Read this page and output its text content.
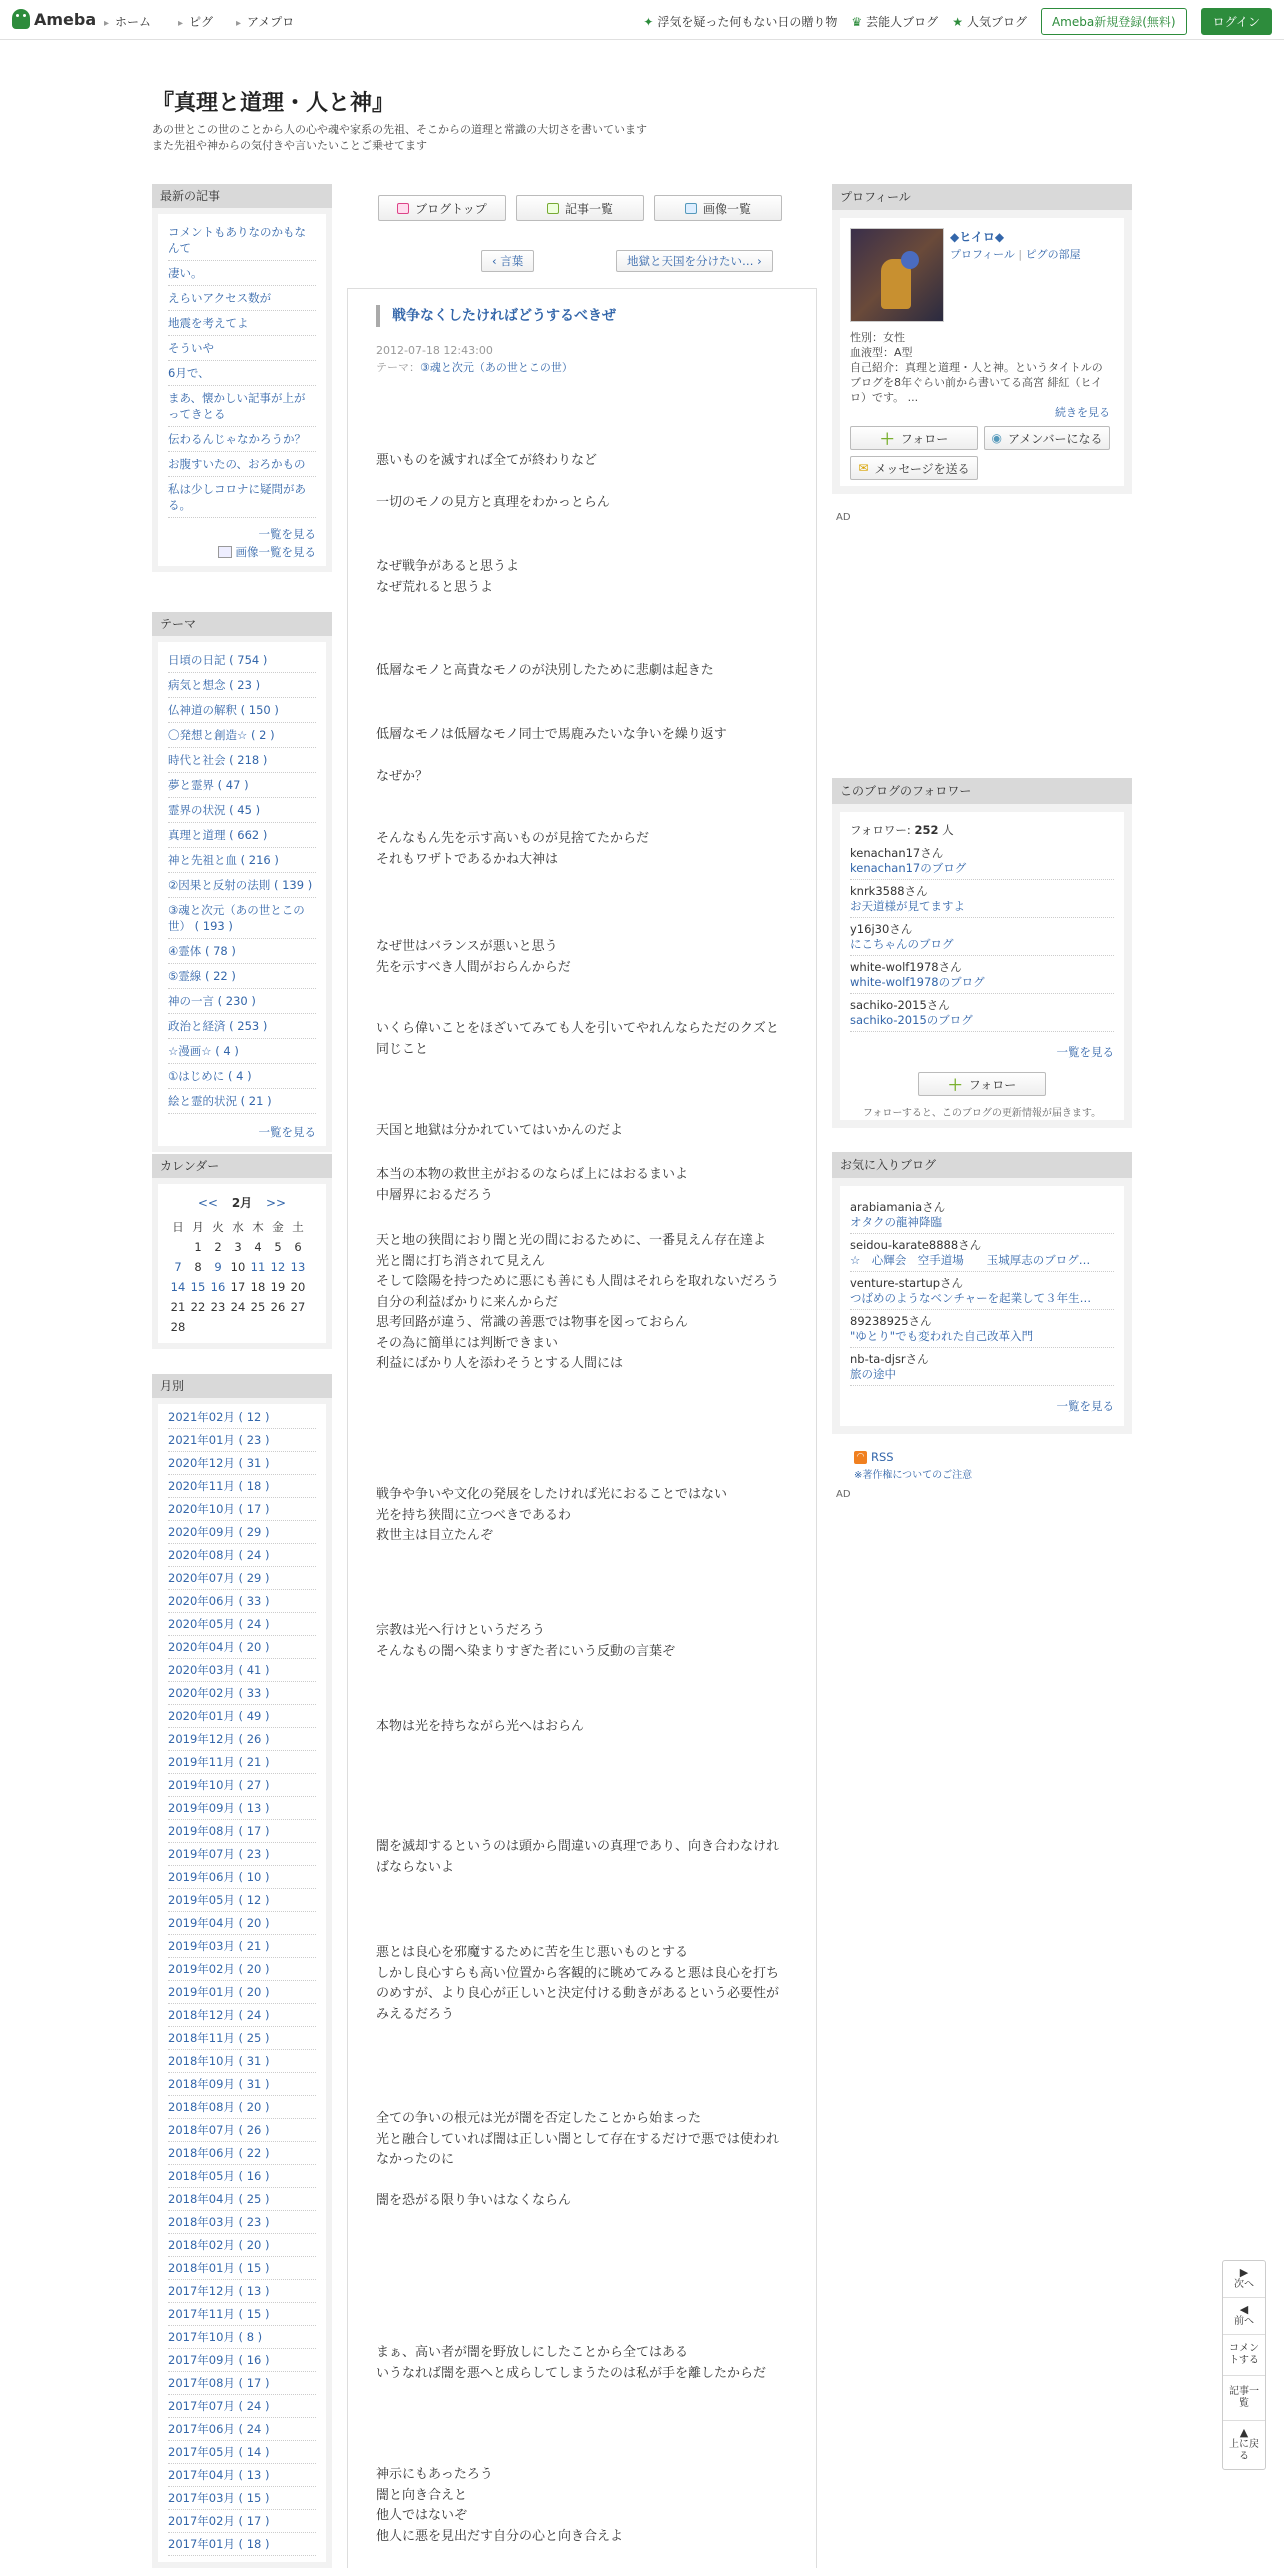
Ameba	▸ ホーム	▸ ピグ	▸ アメプロ	✦ 浮気を疑った何もない日の贈り物 ♛ 芸能人ブログ ★ 人気ブログ	Ameba新規登録(無料)	ログイン
『真理と道理・人と神』
あの世とこの世のことから人の心や魂や家系の先祖、そこからの道理と常識の大切さを書いています
また先祖や神からの気付きや言いたいことご乗せてます
最新の記事
コメントもありなのかもなんて
凄い。
えらいアクセス数が
地震を考えてよ
そういや
6月で、
まあ、懐かしい記事が上がってきとる
伝わるんじゃなかろうか？
お腹すいたの、おろかもの
私は少しコロナに疑問がある。
一覧を見る
画像一覧を見る
テーマ
日頃の日記 ( 754 )
病気と想念 ( 23 )
仏神道の解釈 ( 150 )
〇発想と創造☆ ( 2 )
時代と社会 ( 218 )
夢と霊界 ( 47 )
霊界の状況 ( 45 )
真理と道理 ( 662 )
神と先祖と血 ( 216 )
②因果と反射の法則 ( 139 )
③魂と次元（あの世とこの世） ( 193 )
④霊体 ( 78 )
⑤霊線 ( 22 )
神の一言 ( 230 )
政治と経済 ( 253 )
☆漫画☆ ( 4 )
①はじめに ( 4 )
絵と霊的状況 ( 21 )
一覧を見る
カレンダー
<< 2月 >>
日	月	火	水	木	金	土
	1	2	3	4	5	6
7	8	9	10	11	12	13
14	15	16	17	18	19	20
21	22	23	24	25	26	27
28						
月別
2021年02月 ( 12 )
2021年01月 ( 23 )
2020年12月 ( 31 )
2020年11月 ( 18 )
2020年10月 ( 17 )
2020年09月 ( 29 )
2020年08月 ( 24 )
2020年07月 ( 29 )
2020年06月 ( 33 )
2020年05月 ( 24 )
2020年04月 ( 20 )
2020年03月 ( 41 )
2020年02月 ( 33 )
2020年01月 ( 49 )
2019年12月 ( 26 )
2019年11月 ( 21 )
2019年10月 ( 27 )
2019年09月 ( 13 )
2019年08月 ( 17 )
2019年07月 ( 23 )
2019年06月 ( 10 )
2019年05月 ( 12 )
2019年04月 ( 20 )
2019年03月 ( 21 )
2019年02月 ( 20 )
2019年01月 ( 20 )
2018年12月 ( 24 )
2018年11月 ( 25 )
2018年10月 ( 31 )
2018年09月 ( 31 )
2018年08月 ( 20 )
2018年07月 ( 26 )
2018年06月 ( 22 )
2018年05月 ( 16 )
2018年04月 ( 25 )
2018年03月 ( 23 )
2018年02月 ( 20 )
2018年01月 ( 15 )
2017年12月 ( 13 )
2017年11月 ( 15 )
2017年10月 ( 8 )
2017年09月 ( 16 )
2017年08月 ( 17 )
2017年07月 ( 24 )
2017年06月 ( 24 )
2017年05月 ( 14 )
2017年04月 ( 13 )
2017年03月 ( 15 )
2017年02月 ( 17 )
2017年01月 ( 18 )
ブログトップ	記事一覧	画像一覧
‹ 言葉	地獄と天国を分けたい… ›
戦争なくしたければどうするべきぜ
2012-07-18 12:43:00
テーマ：③魂と次元（あの世とこの世）
悪いものを滅すれば全てが終わりなど
一切のモノの見方と真理をわかっとらん
なぜ戦争があると思うよ
なぜ荒れると思うよ
低層なモノと高貴なモノのが決別したために悲劇は起きた
低層なモノは低層なモノ同士で馬鹿みたいな争いを繰り返す
なぜか？
そんなもん先を示す高いものが見捨てたからだ
それもワザトであるかね大神は
なぜ世はバランスが悪いと思う
先を示すべき人間がおらんからだ
いくら偉いことをほざいてみても人を引いてやれんならただのクズと同じこと
天国と地獄は分かれていてはいかんのだよ
本当の本物の救世主がおるのならば上にはおるまいよ
中層界におるだろう
天と地の狭間におり闇と光の間におるために、一番見えん存在達よ
光と闇に打ち消されて見えん
そして陰陽を持つために悪にも善にも人間はそれらを取れないだろう
自分の利益ばかりに来んからだ
思考回路が違う、常識の善悪では物事を図っておらん
その為に簡単には判断できまい
利益にばかり人を添わそうとする人間には
戦争や争いや文化の発展をしたければ光におることではない
光を持ち狭間に立つべきであるわ
救世主は目立たんぞ
宗教は光へ行けというだろう
そんなもの闇へ染まりすぎた者にいう反動の言葉ぞ
本物は光を持ちながら光へはおらん
闇を滅却するというのは頭から間違いの真理であり、向き合わなければならないよ
悪とは良心を邪魔するために苦を生じ悪いものとする
しかし良心すらも高い位置から客観的に眺めてみると悪は良心を打ちのめすが、より良心が正しいと決定付ける動きがあるという必要性がみえるだろう
全ての争いの根元は光が闇を否定したことから始まった
光と融合していれば闇は正しい闇として存在するだけで悪では使われなかったのに
闇を恐がる限り争いはなくならん
まぁ、高い者が闇を野放しにしたことから全てはある
いうなれば闇を悪へと成らしてしまうたのは私が手を離したからだ
神示にもあったろう
闇と向き合えと
他人ではないぞ
他人に悪を見出だす自分の心と向き合えよ
プロフィール
◆ヒイロ◆
プロフィール | ピグの部屋
性別：女性
血液型：A型
自己紹介：真理と道理・人と神。というタイトルのブログを8年ぐらい前から書いてる高宮 緋紅（ヒイロ）です。 ...
続きを見る
＋ フォロー	◉ アメンバーになる
✉ メッセージを送る
AD
このブログのフォロワー
フォロワー: 252 人
kenachan17さん
kenachan17のブログ
knrk3588さん
お天道様が見てますよ
y16j30さん
にこちゃんのブログ
white-wolf1978さん
white-wolf1978のブログ
sachiko-2015さん
sachiko-2015のブログ
一覧を見る
＋ フォロー
フォローすると、このブログの更新情報が届きます。
お気に入りブログ
arabiamaniaさん
オタクの龍神降臨
seidou-karate8888さん
☆　心輝会　空手道場　　玉城厚志のブログ…
venture-startupさん
つばめのようなベンチャーを起業して３年生…
89238925さん
"ゆとり"でも変われた自己改革入門
nb-ta-djsrさん
旅の途中
一覧を見る
◠ RSS
※著作権についてのご注意
AD
▶
次へ
◀
前へ
コメントする
記事一覧
▲
上に戻る
